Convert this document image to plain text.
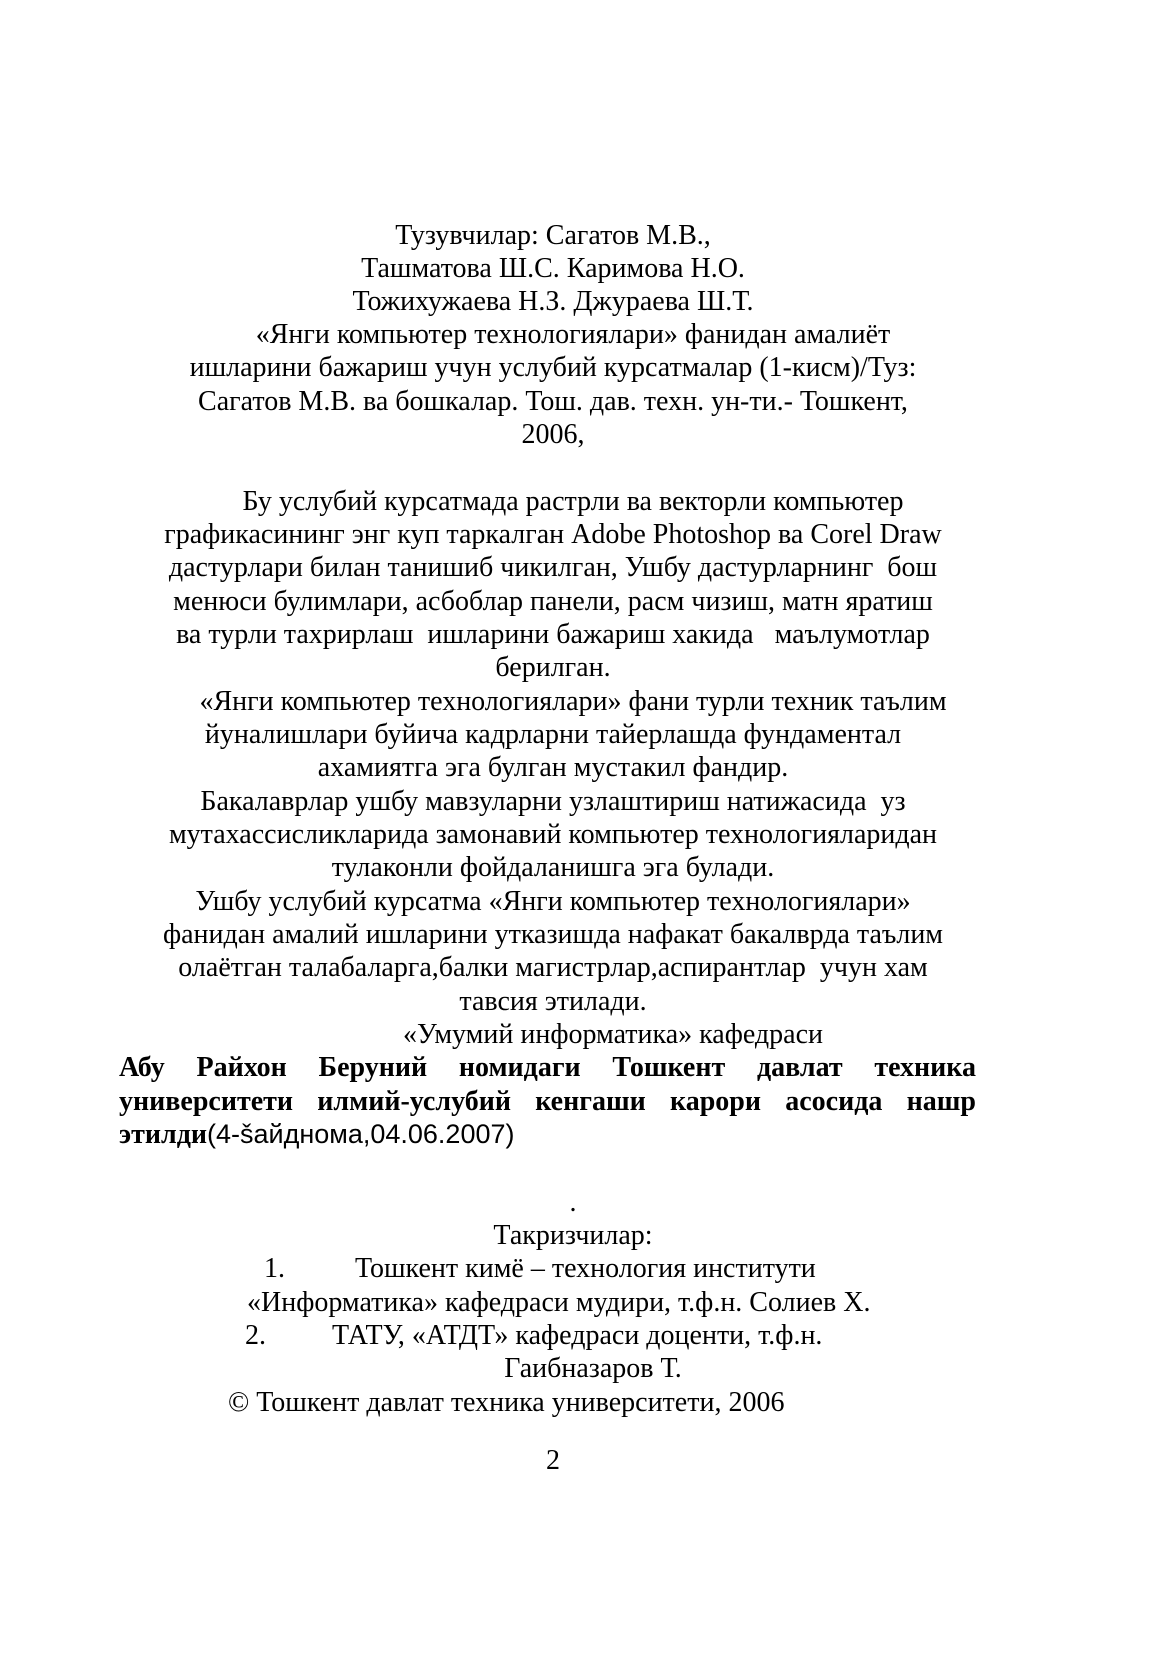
Тузувчилар: Сагатов М.В.,
Ташматова Ш.С. Каримова Н.О.
Тожихужаева Н.З. Джураева Ш.Т.
«Янги компьютер технологиялари» фанидан амалиёт
ишларини бажариш учун услубий курсатмалар (1-кисм)/Туз:
Сагатов М.В. ва бошкалар. Тош. дав. техн. ун-ти.- Тошкент,
2006,
Бу услубий курсатмада растрли ва векторли компьютер
графикасининг энг куп таркалган Adobe Photoshop ва Corel Draw
дастурлари билан танишиб чикилган, Ушбу дастурларнинг  бош
менюси булимлари, асбоблар панели, расм чизиш, матн яратиш
ва турли тахрирлаш  ишларини бажариш хакида   маълумотлар
берилган.
«Янги компьютер технологиялари» фани турли техник таълим
йуналишлари буйича кадрларни тайерлашда фундаментал
ахамиятга эга булган мустакил фандир.
Бакалаврлар ушбу мавзуларни узлаштириш натижасида  уз
мутахассисликларида замонавий компьютер технологияларидан
тулаконли фойдаланишга эга булади.
Ушбу услубий курсатма «Янги компьютер технологиялари»
фанидан амалий ишларини утказишда нафакат бакалврда таълим
олаётган талабаларга,балки магистрлар,аспирантлар  учун хам
тавсия этилади.
«Умумий информатика» кафедраси
Абу Райхон Беруний номидаги Тошкент давлат техника
университети илмий-услубий кенгаши карори асосида нашр
этилди(4-šайднома,04.06.2007)
.
Такризчилар:
1.	Тошкент кимё – технология институти
«Информатика» кафедраси мудири, т.ф.н. Солиев Х.
2. ТАТУ, «АТДТ» кафедраси доценти, т.ф.н.
Гаибназаров Т.
© Тошкент давлат техника университети, 2006
2
